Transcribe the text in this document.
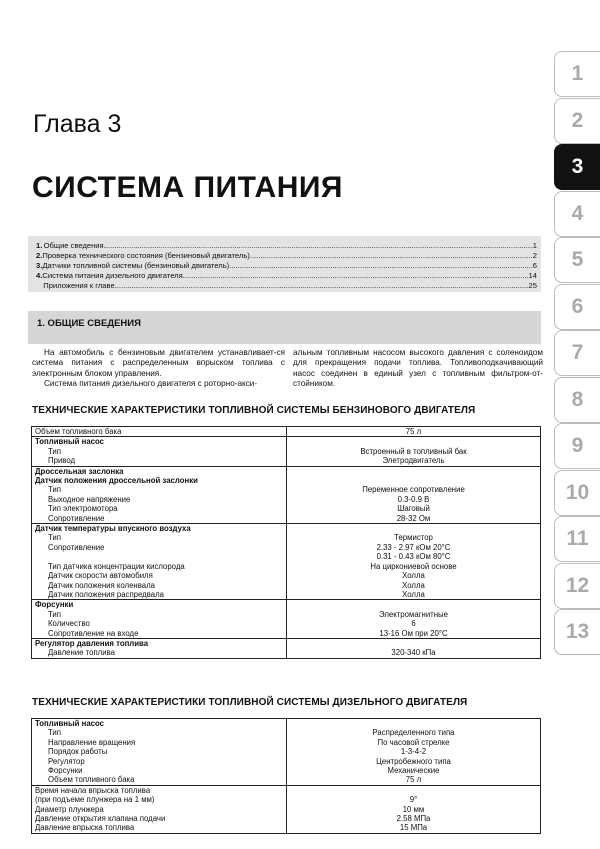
1
2
3
4
5
6
7
8
9
10
11
12
13
Глава 3
СИСТЕМА ПИТАНИЯ
1. Общие сведения .....	1
2. Проверка технического состояния (бензиновый двигатель) .....	2
3. Датчики топливной системы (бензиновый двигатель) .....	6
4. Система питания дизельного двигателя .....	14
Приложения к главе .....	25
1. ОБЩИЕ СВЕДЕНИЯ

На автомобиль с бензиновым двигателем устанавливает-ся система питания с распределенным впрыском топлива с электронным блоком управления.

Система питания дизельного двигателя с роторно-акси-

альным топливным насосом высокого давления с соленоидом для прекращения подачи топлива. Топливоподкачивающий насос соединен в единый узел с топливным фильтром-от-стойником.

ТЕХНИЧЕСКИЕ ХАРАКТЕРИСТИКИ ТОПЛИВНОЙ СИСТЕМЫ БЕНЗИНОВОГО ДВИГАТЕЛЯ
Объем топливного бака	75 л
Топливный насос	
Тип	Встроенный в топливный бак
Привод	Элетродвигатель
Дроссельная заслонка	
Датчик положения дроссельной заслонки	
Тип	Переменное сопротивление
Выходное напряжение	0.3-0.9 В
Тип электромотора	Шаговый
Сопротивление	28-32 Ом
Датчик температуры впускного воздуха	
Тип	Термистор
Сопротивление	2.33 - 2.97 кОм 20°С
	0.31 - 0.43 кОм 80°С
Тип датчика концентрации кислорода	На циркониевой основе
Датчик скорости автомобиля	Холла
Датчик положения коленвала	Холла
Датчик положения распредвала	Холла
Форсунки	
Тип	Электромагнитные
Количество	6
Сопротивление на входе	13-16 Ом при 20°С
Регулятор давления топлива	
Давление топлива	320-340 кПа
ТЕХНИЧЕСКИЕ ХАРАКТЕРИСТИКИ ТОПЛИВНОЙ СИСТЕМЫ ДИЗЕЛЬНОГО ДВИГАТЕЛЯ
Топливный насос	
Тип	Распределенного типа
Направление вращения	По часовой стрелке
Порядок работы	1-3-4-2
Регулятор	Центробежного типа
Форсунки	Механические
Объем топливного бака	75 л
Время начала впрыска топлива	
(при подъеме плунжера на 1 мм)	9°
Диаметр плунжера	10 мм
Давление открытия клапана подачи	2.58 МПа
Давление впрыска топлива	15 МПа
